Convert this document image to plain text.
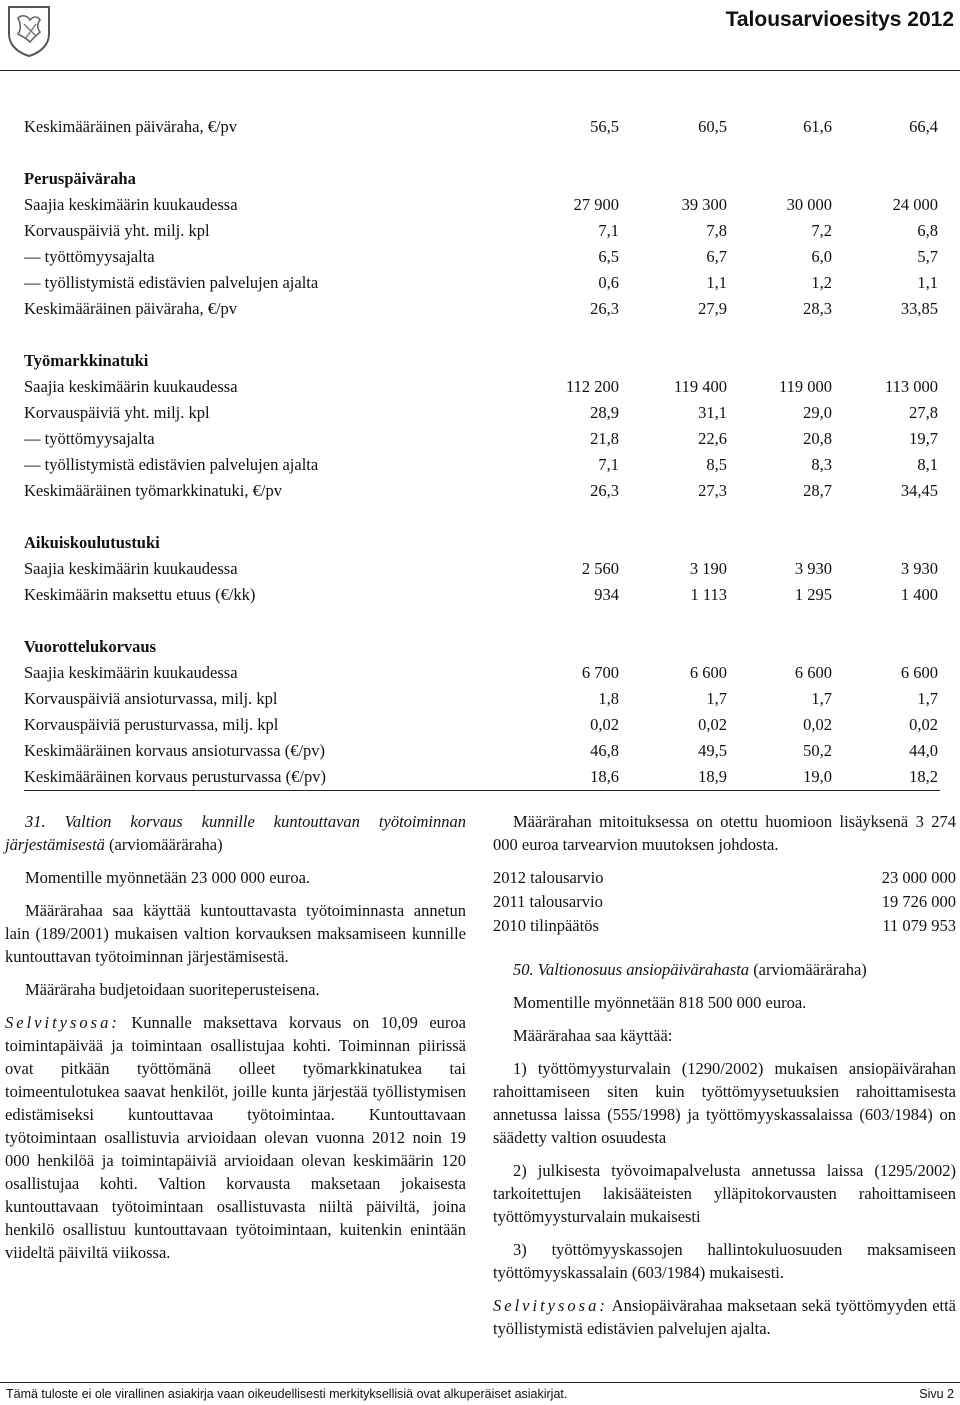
Talousarvioesitys 2012
Keskimääräinen päiväraha, €/pv	56,5	60,5	61,6	66,4
Peruspäiväraha
Saajia keskimäärin kuukaudessa	27 900	39 300	30 000	24 000
Korvauspäiviä yht. milj. kpl	7,1	7,8	7,2	6,8
— työttömyysajalta	6,5	6,7	6,0	5,7
— työllistymistä edistävien palvelujen ajalta	0,6	1,1	1,2	1,1
Keskimääräinen päiväraha, €/pv	26,3	27,9	28,3	33,85
Työmarkkinatuki
Saajia keskimäärin kuukaudessa	112 200	119 400	119 000	113 000
Korvauspäiviä yht. milj. kpl	28,9	31,1	29,0	27,8
— työttömyysajalta	21,8	22,6	20,8	19,7
— työllistymistä edistävien palvelujen ajalta	7,1	8,5	8,3	8,1
Keskimääräinen työmarkkinatuki, €/pv	26,3	27,3	28,7	34,45
Aikuiskoulutustuki
Saajia keskimäärin kuukaudessa	2 560	3 190	3 930	3 930
Keskimäärin maksettu etuus (€/kk)	934	1 113	1 295	1 400
Vuorottelukorvaus
Saajia keskimäärin kuukaudessa	6 700	6 600	6 600	6 600
Korvauspäiviä ansioturvassa, milj. kpl	1,8	1,7	1,7	1,7
Korvauspäiviä perusturvassa, milj. kpl	0,02	0,02	0,02	0,02
Keskimääräinen korvaus ansioturvassa (€/pv)	46,8	49,5	50,2	44,0
Keskimääräinen korvaus perusturvassa (€/pv)	18,6	18,9	19,0	18,2

31. Valtion korvaus kunnille kuntouttavan työtoiminnan järjestämisestä (arviomääräraha)

Momentille myönnetään 23 000 000 euroa.

Määrärahaa saa käyttää kuntouttavasta työtoiminnasta annetun lain (189/2001) mukaisen valtion korvauksen maksamiseen kunnille kuntouttavan työtoiminnan järjestämisestä.

Määräraha budjetoidaan suoriteperusteisena.

Selvitysosa: Kunnalle maksettava korvaus on 10,09 euroa toimintapäivää ja toimintaan osallistujaa kohti. Toiminnan piirissä ovat pitkään työttömänä olleet työmarkkinatukea tai toimeentulotukea saavat henkilöt, joille kunta järjestää työllistymisen edistämiseksi kuntouttavaa työtoimintaa. Kuntouttavaan työtoimintaan osallistuvia arvioidaan olevan vuonna 2012 noin 19 000 henkilöä ja toimintapäiviä arvioidaan olevan keskimäärin 120 osallistujaa kohti. Valtion korvausta maksetaan jokaisesta kuntouttavaan työtoimintaan osallistuvasta niiltä päiviltä, joina henkilö osallistuu kuntouttavaan työtoimintaan, kuitenkin enintään viideltä päiviltä viikossa.

Määrärahan mitoituksessa on otettu huomioon lisäyksenä 3 274 000 euroa tarvearvion muutoksen johdosta.

2012 talousarvio	23 000 000
2011 talousarvio	19 726 000
2010 tilinpäätös	11 079 953

50. Valtionosuus ansiopäivärahasta (arviomääräraha)

Momentille myönnetään 818 500 000 euroa.

Määrärahaa saa käyttää:

1) työttömyysturvalain (1290/2002) mukaisen ansiopäivärahan rahoittamiseen siten kuin työttömyysetuuksien rahoittamisesta annetussa laissa (555/1998) ja työttömyyskassalaissa (603/1984) on säädetty valtion osuudesta

2) julkisesta työvoimapalvelusta annetussa laissa (1295/2002) tarkoitettujen lakisääteisten ylläpitokorvausten rahoittamiseen työttömyysturvalain mukaisesti

3) työttömyyskassojen hallintokuluosuuden maksamiseen työttömyyskassalain (603/1984) mukaisesti.

Selvitysosa: Ansiopäivärahaa maksetaan sekä työttömyyden että työllistymistä edistävien palvelujen ajalta.

Tämä tuloste ei ole virallinen asiakirja vaan oikeudellisesti merkityksellisiä ovat alkuperäiset asiakirjat.	Sivu 2
